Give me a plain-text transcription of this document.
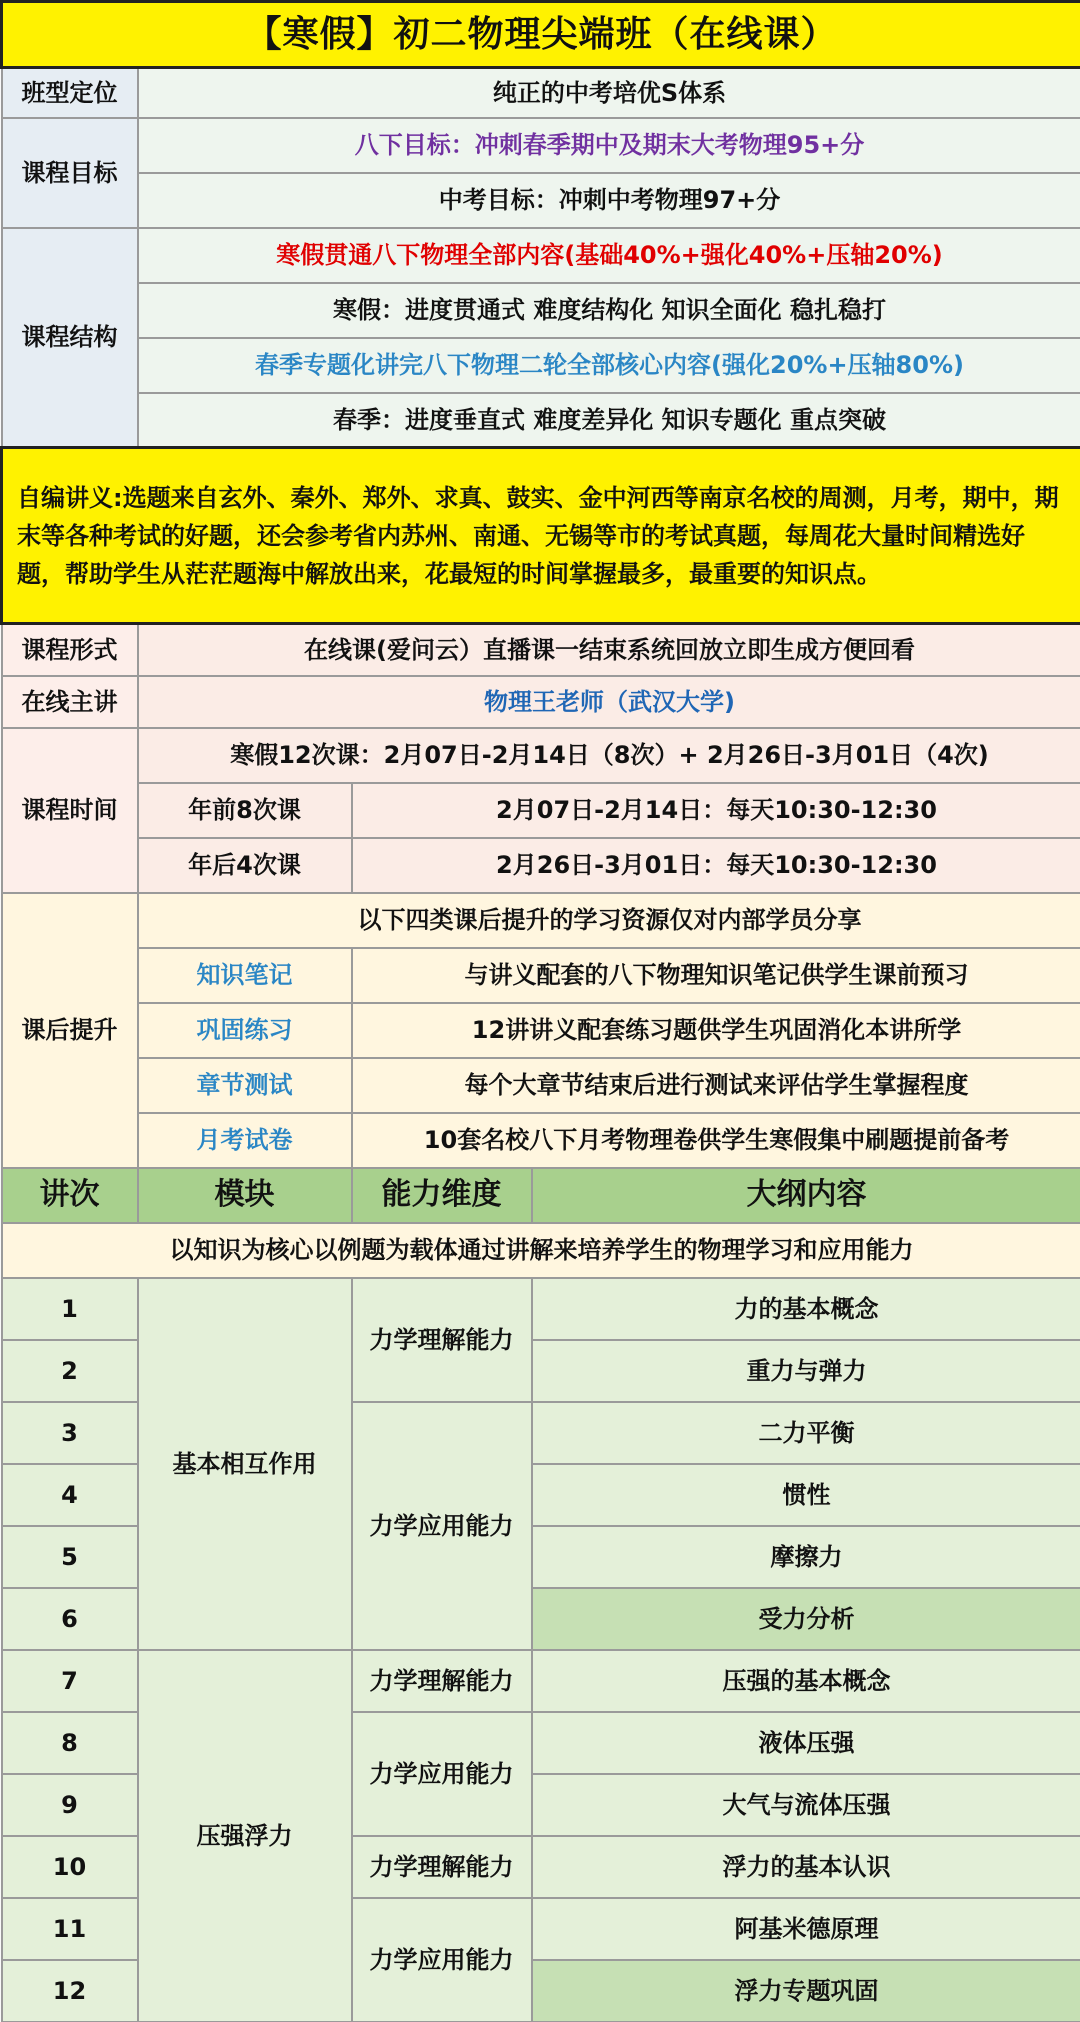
【寒假】初二物理尖端班（在线课）			
班型定位	纯正的中考培优S体系		
课程目标	八下目标：冲刺春季期中及期末大考物理95+分		
	中考目标：冲刺中考物理97+分		
课程结构	寒假贯通八下物理全部内容(基础40%+强化40%+压轴20%)		
	寒假：进度贯通式 难度结构化 知识全面化 稳扎稳打		
	春季专题化讲完八下物理二轮全部核心内容(强化20%+压轴80%)		
	春季：进度垂直式 难度差异化 知识专题化 重点突破		
自编讲义:选题来自玄外、秦外、郑外、求真、鼓实、金中河西等南京名校的周测，月考，期中，期末等各种考试的好题，还会参考省内苏州、南通、无锡等市的考试真题，每周花大量时间精选好题，帮助学生从茫茫题海中解放出来，花最短的时间掌握最多，最重要的知识点。			
课程形式	在线课(爱问云）直播课一结束系统回放立即生成方便回看		
在线主讲	物理王老师（武汉大学)		
课程时间	寒假12次课：2月07日-2月14日（8次）+ 2月26日-3月01日（4次)		
	年前8次课	2月07日-2月14日：每天10:30-12:30	
	年后4次课	2月26日-3月01日：每天10:30-12:30	
课后提升	以下四类课后提升的学习资源仅对内部学员分享		
	知识笔记	与讲义配套的八下物理知识笔记供学生课前预习	
	巩固练习	12讲讲义配套练习题供学生巩固消化本讲所学	
	章节测试	每个大章节结束后进行测试来评估学生掌握程度	
	月考试卷	10套名校八下月考物理卷供学生寒假集中刷题提前备考	
讲次	模块	能力维度	大纲内容
以知识为核心以例题为载体通过讲解来培养学生的物理学习和应用能力			
1	基本相互作用	力学理解能力	力的基本概念
2			重力与弹力
3		力学应用能力	二力平衡
4			惯性
5			摩擦力
6			受力分析
7	压强浮力	力学理解能力	压强的基本概念
8		力学应用能力	液体压强
9			大气与流体压强
10		力学理解能力	浮力的基本认识
11		力学应用能力	阿基米德原理
12			浮力专题巩固
